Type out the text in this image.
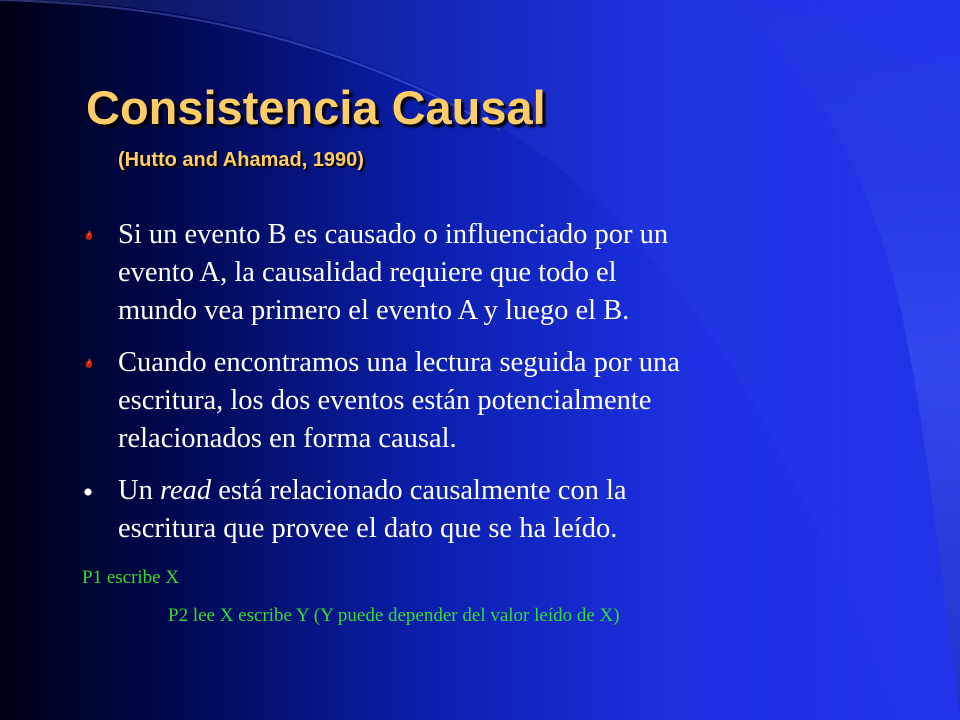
Consistencia Causal
(Hutto and Ahamad, 1990)
Si un evento B es causado o influenciado por un
evento A, la causalidad requiere que todo el
mundo vea primero el evento A y luego el B.
Cuando encontramos una lectura seguida por una
escritura, los dos eventos están potencialmente
relacionados en forma causal.
Un read está relacionado causalmente con la
escritura que provee el dato que se ha leído.
P1 escribe X
P2 lee X escribe Y (Y puede depender del valor leído de X)
